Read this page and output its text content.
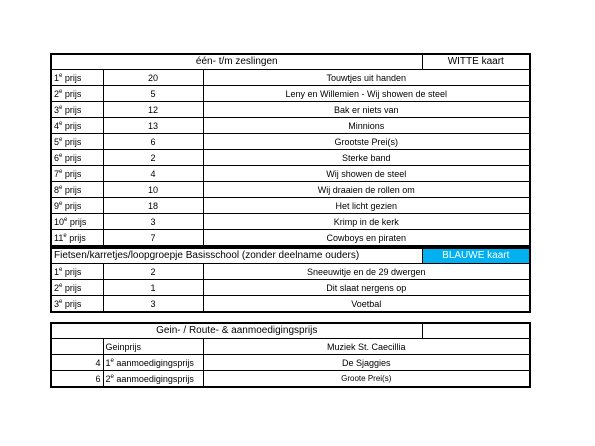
één- t/m zeslingen			WITTE kaart
1e prijs	20	Touwtjes uit handen	
2e prijs	5	Leny en Willemien - Wij showen de steel	
3e prijs	12	Bak er niets van	
4e prijs	13	Minnions	
5e prijs	6	Grootste Prei(s)	
6e prijs	2	Sterke band	
7e prijs	4	Wij showen de steel	
8e prijs	10	Wij draaien de rollen om	
9e prijs	18	Het licht gezien	
10e prijs	3	Krimp in de kerk	
11e prijs	7	Cowboys en piraten	
Fietsen/karretjes/loopgroepje Basisschool (zonder deelname ouders)			BLAUWE kaart
1e prijs	2	Sneeuwitje en de 29 dwergen	
2e prijs	1	Dit slaat nergens op	
3e prijs	3	Voetbal	
Gein- / Route- & aanmoedigingsprijs			
	Geinprijs	Muziek St. Caecillia	
4	1e aanmoedigingsprijs	De Sjaggies	
6	2e aanmoedigingsprijs	Groote Prei(s)	
